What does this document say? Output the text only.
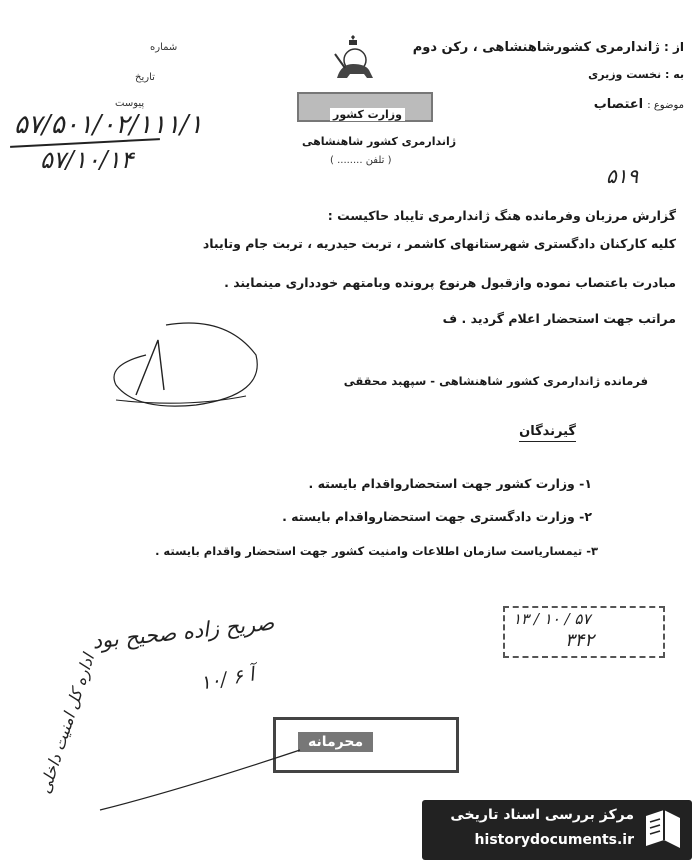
از : ژاندارمری کشورشاهنشاهی ، رکن دوم
به : نخست وزیری
موضوع : اعتصاب
شماره
تاریخ
پیوست
وزارت کشور
ژاندارمری کشور شاهنشاهی
( تلفن ........ )
۵۷/۵۰۱/۰۲/۱۱۱/۱
۵۷/۱۰/۱۴
۵۱۹
گزارش مرزبان وفرمانده هنگ ژاندارمری تایباد حاکیست :
کلیه کارکنان دادگستری شهرستانهای کاشمر ، تربت حیدریه ، تربت جام وتایباد
مبادرت باعتصاب نموده وازقبول هرنوع پرونده وبامتهم خودداری مینمایند .
مراتب جهت استحضار اعلام گردید . ف
فرمانده ژاندارمری کشور شاهنشاهی - سپهبد محققی
گیرندگان
۱- وزارت کشور جهت استحضارواقدام بایسته .
۲- وزارت دادگستری جهت استحضارواقدام بایسته .
۳- تیمساریاست سازمان اطلاعات وامنیت کشور جهت استحضار واقدام بایسته .
۱۳ / ۱۰ / ۵۷
۳۴۲
صریح زاده صحیح بود
۱۰/ آ ۶
محرمانه
اداره کل امنیت داخلی
مرکز بررسی اسناد تاریخی
historydocuments.ir
